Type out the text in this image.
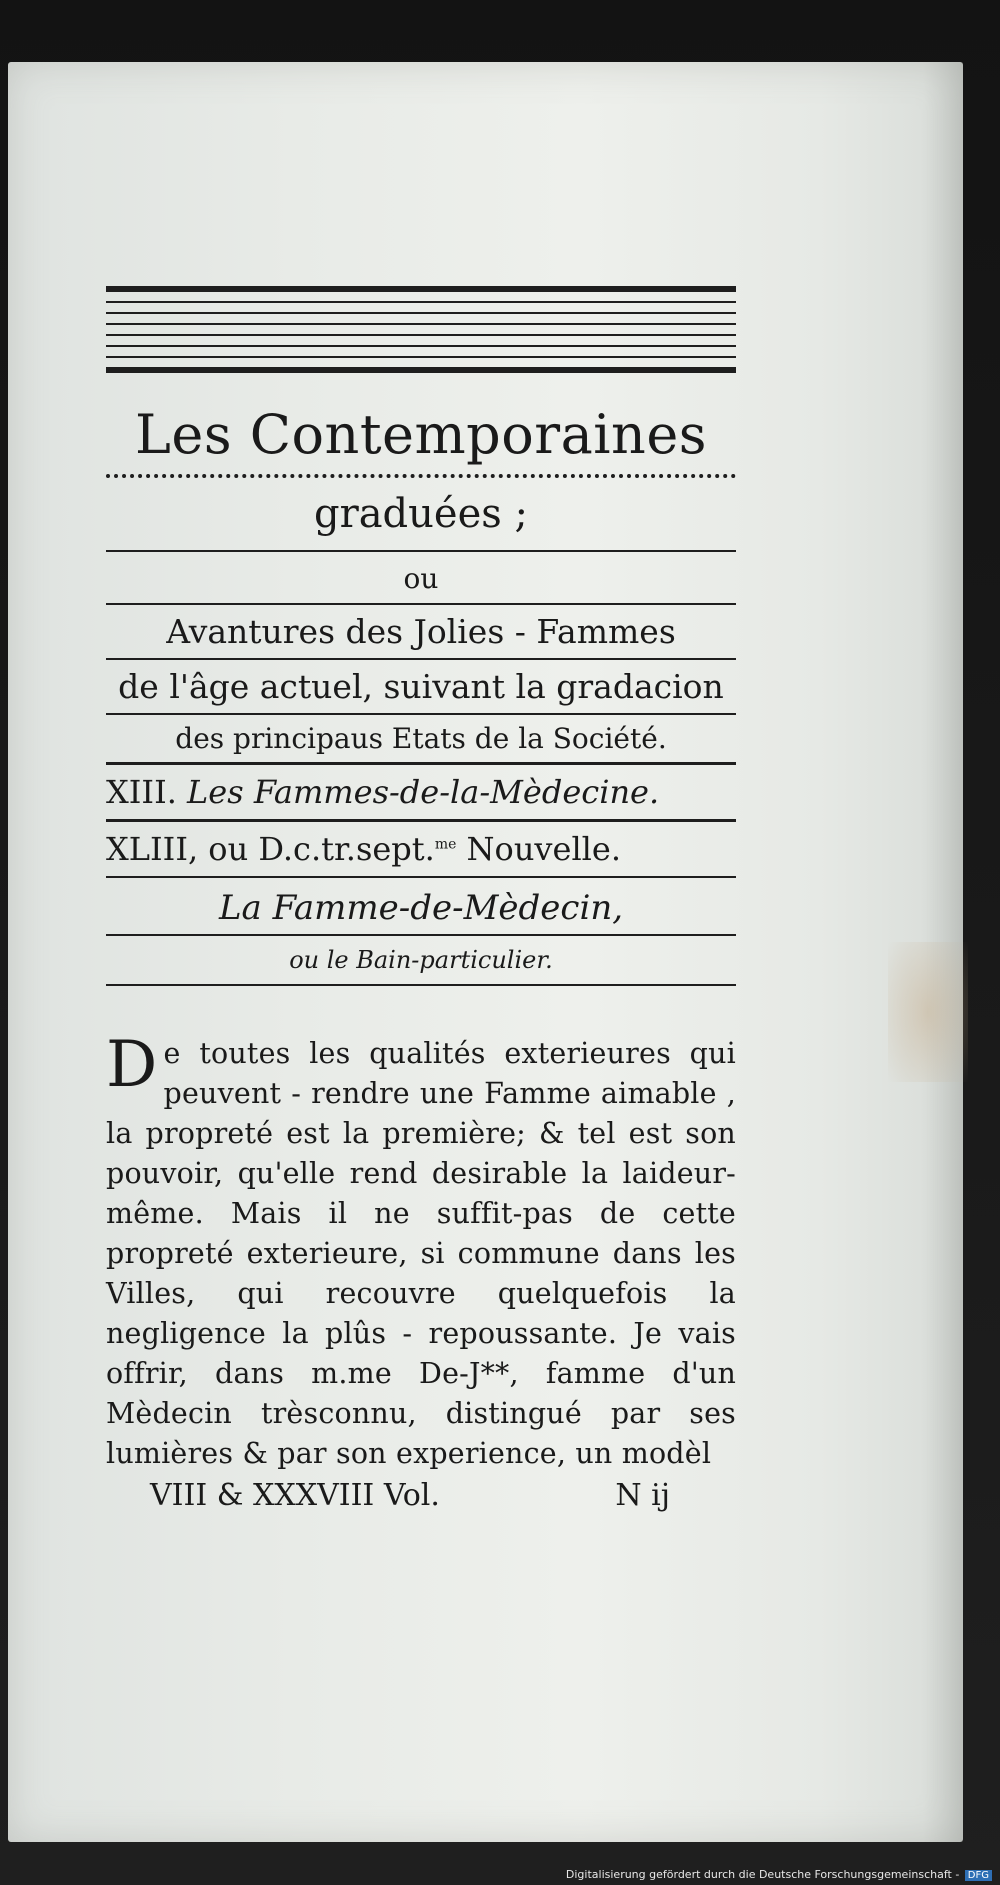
Les Contemporaines
graduées ;
ou
Avantures des Jolies - Fammes
de l'âge actuel, suivant la gradacion
des principaus Etats de la Société.
XIII. Les Fammes-de-la-Mèdecine.
XLIII, ou D.c.tr.sept.$^{me}$ Nouvelle.
La Famme-de-Mèdecin,
ou le Bain-particulier.
De toutes les qualités exterieures qui peuvent - rendre une Famme aimable , la propreté est la première; & tel est son pouvoir, qu'elle rend desirable la laideur-même. Mais il ne suffit-pas de cette propreté exterieure, si commune dans les Villes, qui recouvre quelquefois la negligence la plûs - repoussante. Je vais offrir, dans m.me De-J**, famme d'un Mèdecin trèsconnu, distingué par ses lumières & par son experience, un modèl
VIII & XXXVIII Vol.	N ij
Digitalisierung gefördert durch die Deutsche Forschungsgemeinschaft - DFG
